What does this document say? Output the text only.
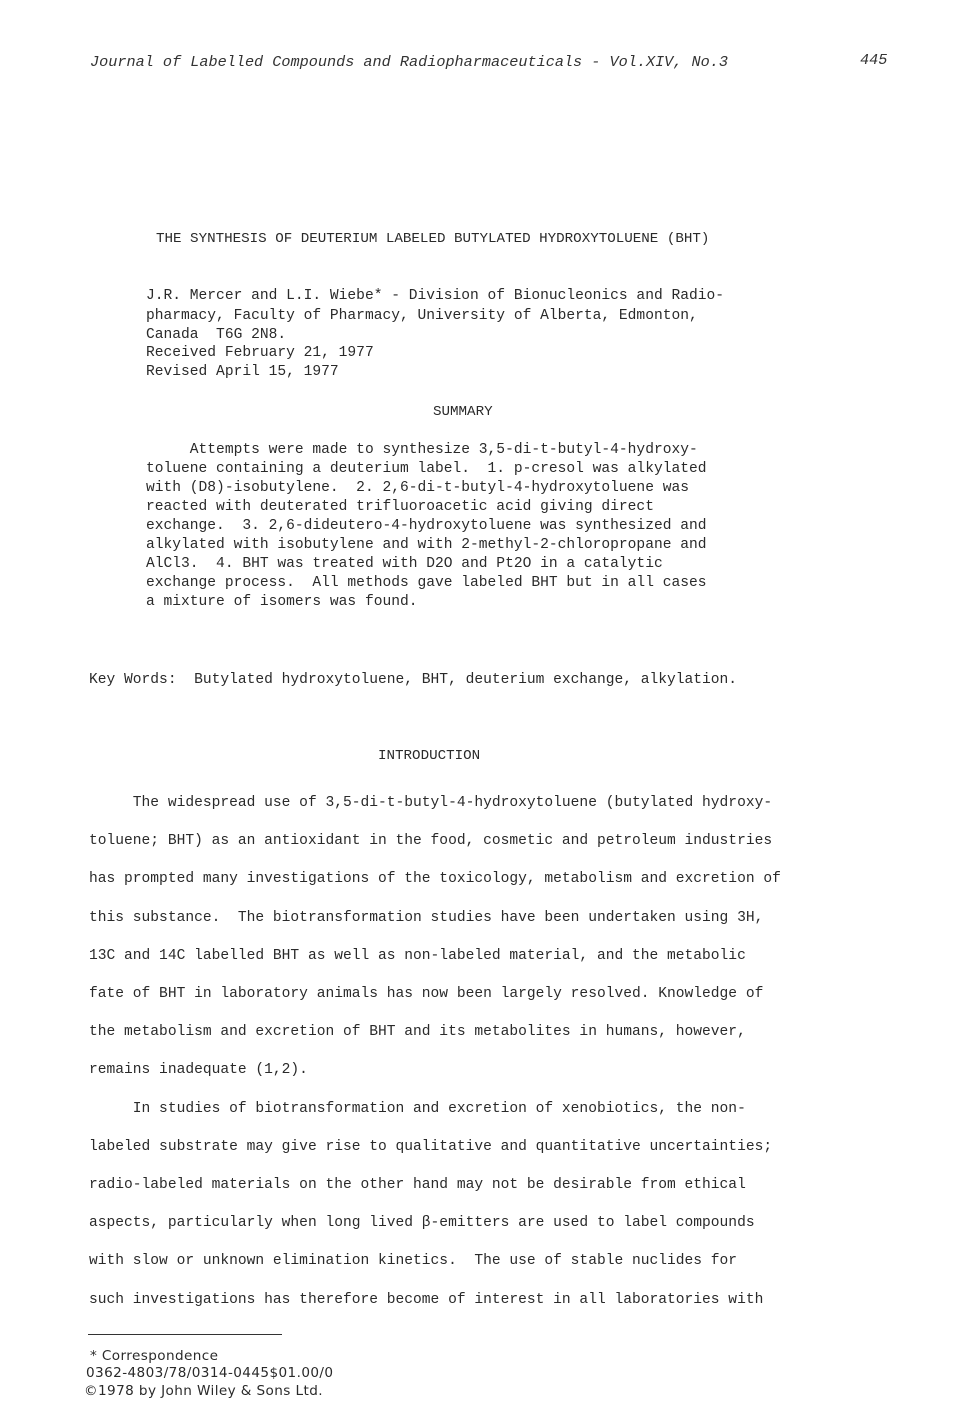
Journal of Labelled Compounds and Radiopharmaceuticals - Vol.XIV, No.3	445
THE SYNTHESIS OF DEUTERIUM LABELED BUTYLATED HYDROXYTOLUENE (BHT)
J.R. Mercer and L.I. Wiebe* - Division of Bionucleonics and Radio-
pharmacy, Faculty of Pharmacy, University of Alberta, Edmonton,
Canada  T6G 2N8.
Received February 21, 1977
Revised April 15, 1977
SUMMARY
Attempts were made to synthesize 3,5-di-t-butyl-4-hydroxy-
toluene containing a deuterium label.  1. p-cresol was alkylated
with (D8)-isobutylene.  2. 2,6-di-t-butyl-4-hydroxytoluene was
reacted with deuterated trifluoroacetic acid giving direct
exchange.  3. 2,6-dideutero-4-hydroxytoluene was synthesized and
alkylated with isobutylene and with 2-methyl-2-chloropropane and
AlCl3.  4. BHT was treated with D2O and Pt2O in a catalytic
exchange process.  All methods gave labeled BHT but in all cases
a mixture of isomers was found.
Key Words:  Butylated hydroxytoluene, BHT, deuterium exchange, alkylation.
INTRODUCTION
The widespread use of 3,5-di-t-butyl-4-hydroxytoluene (butylated hydroxy-
toluene; BHT) as an antioxidant in the food, cosmetic and petroleum industries
has prompted many investigations of the toxicology, metabolism and excretion of
this substance.  The biotransformation studies have been undertaken using 3H,
13C and 14C labelled BHT as well as non-labeled material, and the metabolic
fate of BHT in laboratory animals has now been largely resolved. Knowledge of
the metabolism and excretion of BHT and its metabolites in humans, however,
remains inadequate (1,2).
In studies of biotransformation and excretion of xenobiotics, the non-
labeled substrate may give rise to qualitative and quantitative uncertainties;
radio-labeled materials on the other hand may not be desirable from ethical
aspects, particularly when long lived β-emitters are used to label compounds
with slow or unknown elimination kinetics.  The use of stable nuclides for
such investigations has therefore become of interest in all laboratories with
* Correspondence
0362-4803/78/0314-0445$01.00/0
©1978 by John Wiley & Sons Ltd.
